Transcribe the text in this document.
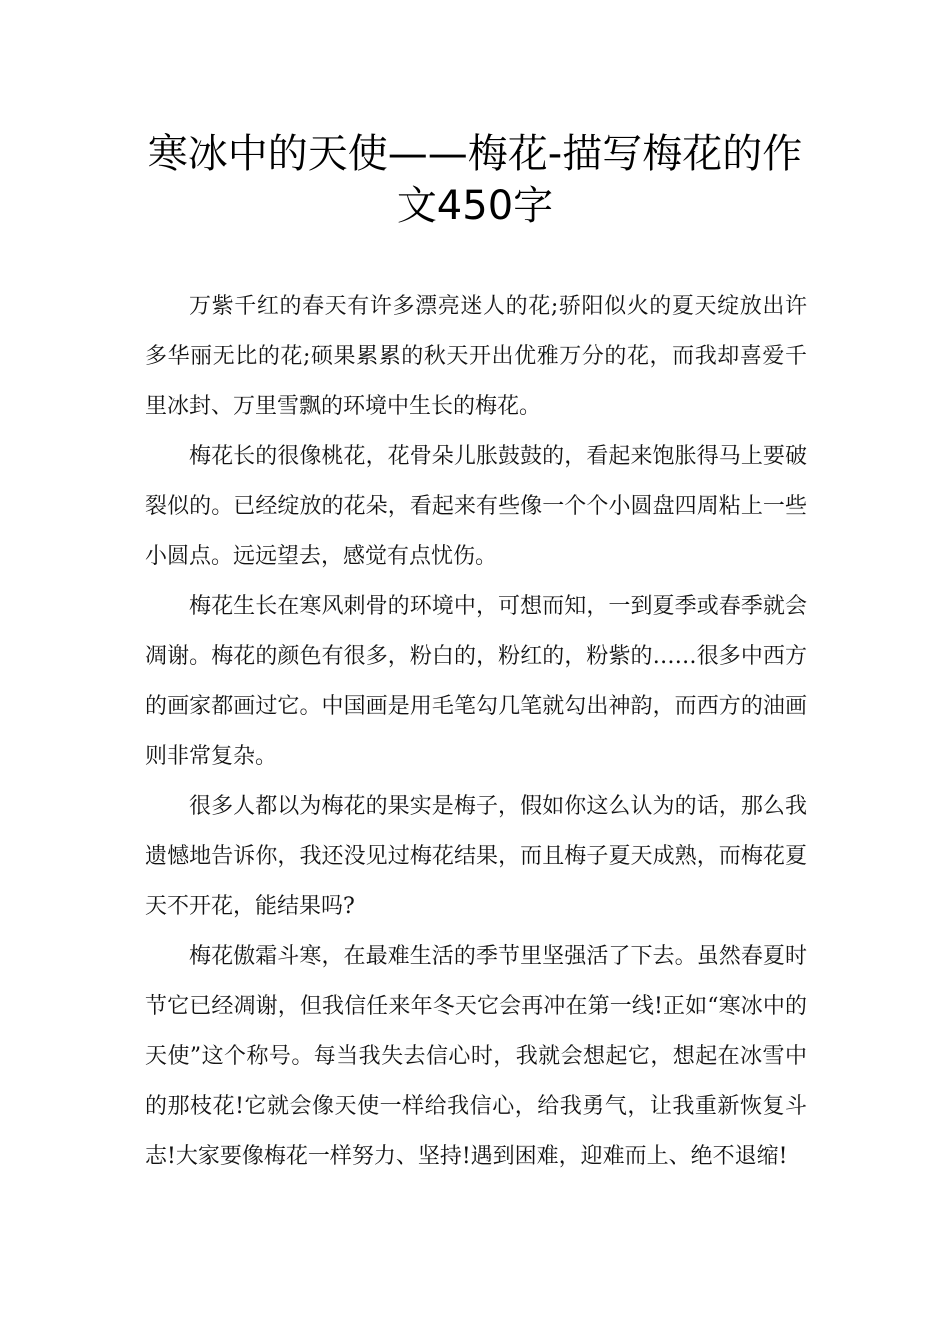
寒冰中的天使——梅花-描写梅花的作文450字

万紫千红的春天有许多漂亮迷人的花;骄阳似火的夏天绽放出许多华丽无比的花;硕果累累的秋天开出优雅万分的花，而我却喜爱千里冰封、万里雪飘的环境中生长的梅花。

梅花长的很像桃花，花骨朵儿胀鼓鼓的，看起来饱胀得马上要破裂似的。已经绽放的花朵，看起来有些像一个个小圆盘四周粘上一些小圆点。远远望去，感觉有点忧伤。

梅花生长在寒风刺骨的环境中，可想而知，一到夏季或春季就会凋谢。梅花的颜色有很多，粉白的，粉红的，粉紫的……很多中西方的画家都画过它。中国画是用毛笔勾几笔就勾出神韵，而西方的油画则非常复杂。

很多人都以为梅花的果实是梅子，假如你这么认为的话，那么我遗憾地告诉你，我还没见过梅花结果，而且梅子夏天成熟，而梅花夏天不开花，能结果吗?

梅花傲霜斗寒，在最难生活的季节里坚强活了下去。虽然春夏时节它已经凋谢，但我信任来年冬天它会再冲在第一线!正如“寒冰中的天使”这个称号。每当我失去信心时，我就会想起它，想起在冰雪中的那枝花!它就会像天使一样给我信心，给我勇气，让我重新恢复斗志!大家要像梅花一样努力、坚持!遇到困难，迎难而上、绝不退缩!
